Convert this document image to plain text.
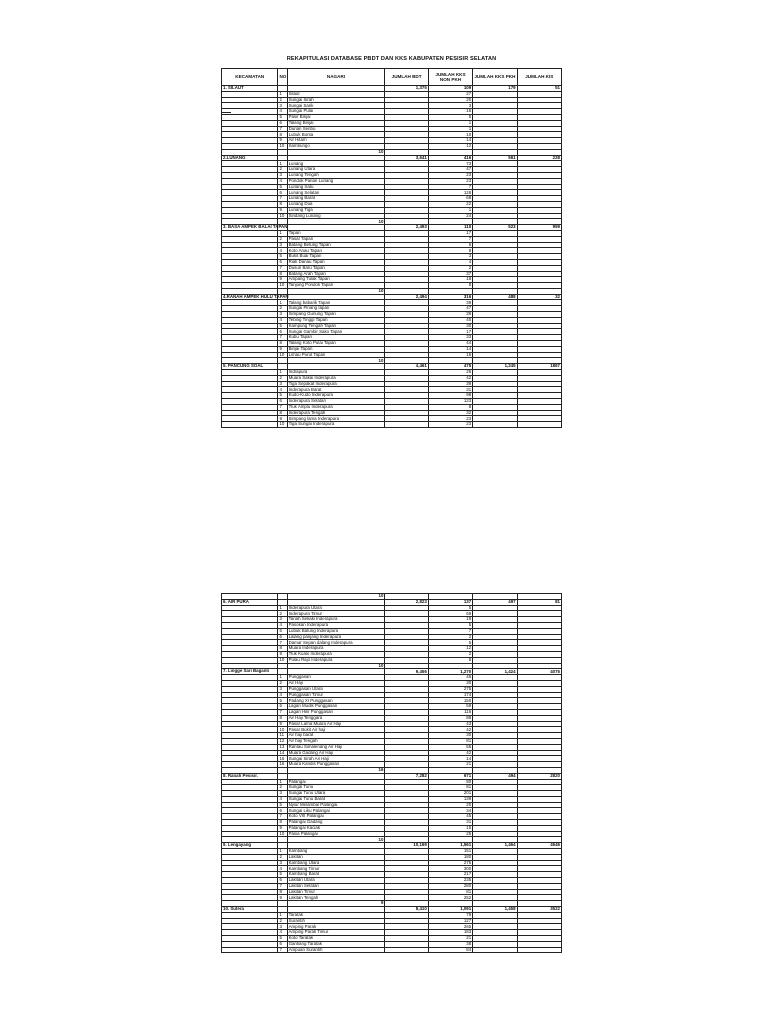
REKAPITULASI DATABASE PBDT DAN KKS KABUPATEN PESISIR SELATAN
KECAMATAN	NO	NAGARI	JUMLAH BDT	JUMLAH KKS NON PKH	JUMLAH KKS PKH	JUMLAH KIS
1. SILAUT			1,375	109	179	51
	1	Silaut		27		
	2	Sungai Sirah		20		
	3	Sungai Sarik		3		
	4	Sungai Pulai		16		
	5	Pasir Binjai		5		
	6	Talang Binjai		1		
	7	Durian Seribu		1		
	8	Lubuk Bunta		10		
	9	Air Hitam		14		
	10	Sambungo		12		
		10				
2.LUNANG			3,641	416	561	228
	1	Lunang		73		
	2	Lunang Utara		47		
	3	Lunang Tengah		23		
	4	Pondok Parian Lunang		23		
	5	Lunang Satu		7		
	6	Lunang Selatan		126		
	7	Lunang Barat		68		
	8	Lunang Dua		22		
	9	Lunang Tiga		1		
	10	Sindang Lunang		24		
		10				
3. BASA AMPEK BALAI TAPAN			2,493	110	523	959
	1	Tapan		17		
	2	Pasar Tapan		7		
	3	Batang Betung Tapan		6		
	4	Koto Anau Tapan		8		
	5	Bukit Buai Tapan		3		
	6	Riak Danau Tapan		4		
	7	Dusun Baru Tapan		2		
	8	Batang Arah Tapan		37		
	9	Ampang Tulak Tapan		18		
	10	Tanjung Pondok Tapan		8		
		10				
4.RANAH AMPEK HULU TAPAN			2,494	316	488	32
	1	Talang babarik Tapan		39		
	2	Sungai Pinang tapan		47		
	3	Simpang Gunung Tapan		39		
	4	Tebing Tinggi Tapan		40		
	5	Kampung Tengah Tapan		30		
	6	Sungai Gambir Sako Tapan		17		
	7	Kubu Tapan		33		
	8	Talang Koto Pulai Tapan		44		
	9	Binjai Tapan		14		
	10	Limau Purut Tapan		15		
		10				
5. PANCUNG SOAL			4,461	475	1,245	1867
	1	Indrapura		26		
	2	Muara Sakai Inderapura		42		
	3	Tiga Sepakat Inderapura		39		
	4	Inderapura Barat		31		
	5	Kudo-Kudo Inderapura		98		
	6	Inderapura Selatan		123		
	7	Tluk Amplu Inderapura		8		
	8	Inderapura Tengah		32		
	9	Simpang lama Inderapura		23		
	10	Tiga Sungai Inderapura		23		
		10				
6. AIR PURA			2,823	137	497	81
	1	Inderapura Utara		5		
	2	Inderapura Timur		69		
	3	Tanah Sekaki Inderapura		19		
	4	Pasokan Inderapura		5		
	5	Lubuk Batung Inderapura		7		
	6	Lalang panjang Inderapura		2		
	7	Damar Sepan dalang Inderapura		5		
	8	Muara Inderapura		12		
	9	Tluk Kualo Inderapura		2		
	10	Pulau Rajo Inderapura		8		
		10				
7. Lingge Sari Baganti			9,456	1,270	1,424	4075
	1	Punggasan		46		
	2	Air Haji		30		
	3	Punggasan Utara		275		
	4	Punggasan Timur		174		
	5	Padang XI Punggasan		150		
	6	Lagan Mudik Punggasan		59		
	7	Lagan Hilir Punggasan		116		
	8	Air Haji Tenggara		88		
	9	Pasar Lama Muara Air Haji		43		
	10	Pasar Bukit Air haji		42		
	11	Air haji barat		30		
	12	Air haji Tengah		81		
	13	Rantau Simalenang Air Haji		55		
	14	Muara Gadang Air Haji		42		
	15	Sungai Sirah Air Haji		14		
	16	Muara Kandis Punggasan		21		
		16				
8. Ranah Pesisir.			7,282	671	494	2820
	1	Palangai		80		
	2	Sungai Tunu		81		
	3	Sungai Tunu Utara		201		
	4	Sungai Tunu Barat		139		
	5	Nyiur Melambai Palangai		20		
	6	Sungai Liku Palangai		34		
	7	Koto VIII Palangai		45		
	8	Palangai Gadang		31		
	9	Palangai Kaciak		15		
	10	Pasia Palangai		25		
		10				
9. Lengayang			10,169	1,561	1,464	4546
	1	Kambang		151		
	2	Lakitan		180		
	3	Kambang Utara		275		
	4	Kambang Timur		300		
	5	Kambang Barat		217		
	6	Lakitan Utara		235		
	7	Lakitan Selatan		280		
	8	Lakitan Timur		81		
	9	Lakitan Tengah		252		
		9				
10. Sutera			8,410	1,091	1,458	3522
	1	Taratak		79		
	2	Surantih		127		
	3	Amping Parak		265		
	4	Amping Parak Timur		183		
	5	Koto Taratak		21		
	6	Gantiang Taratak		38		
	7	Ampuan Surantih		84		
